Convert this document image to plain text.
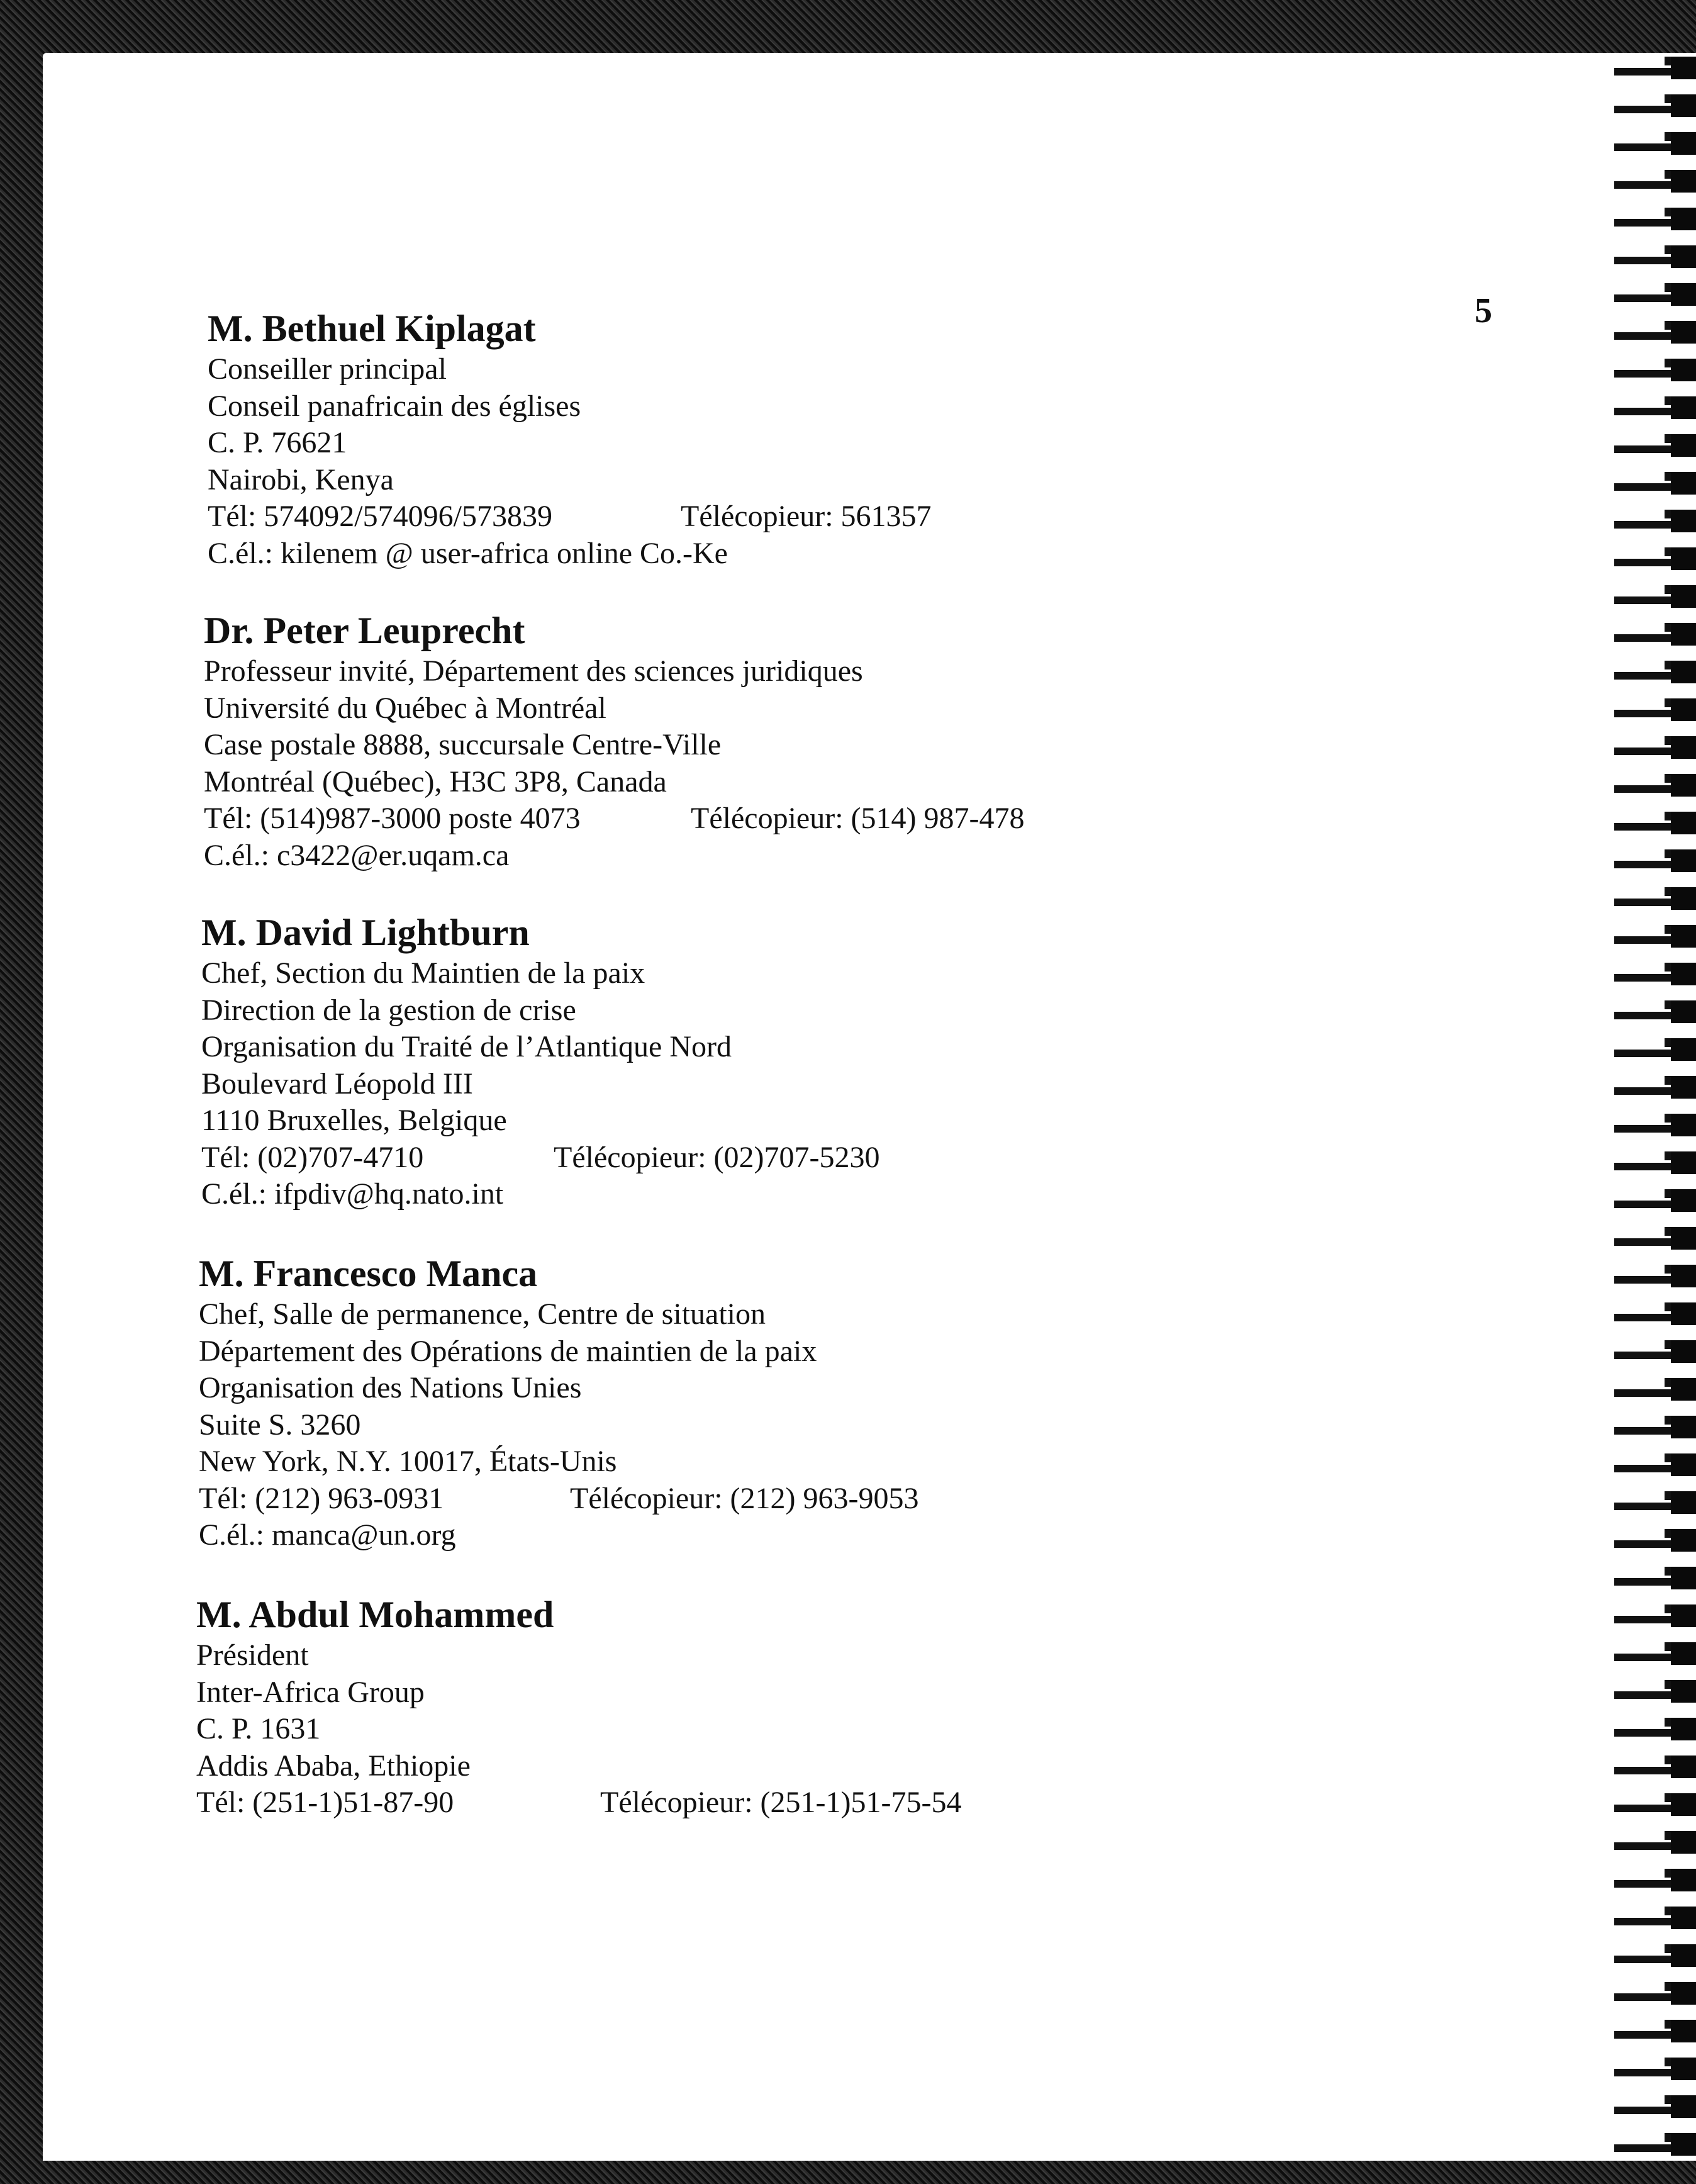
5

M. Bethuel Kiplagat

Conseiller principal

Conseil panafricain des églises

C. P. 76621

Nairobi, Kenya

Tél: 574092/574096/573839	Télécopieur: 561357

C.él.: kilenem @ user-africa online Co.-Ke

Dr. Peter Leuprecht

Professeur invité, Département des sciences juridiques

Université du Québec à Montréal

Case postale 8888, succursale Centre-Ville

Montréal (Québec), H3C 3P8, Canada

Tél: (514)987-3000 poste 4073	Télécopieur: (514) 987-478

C.él.: c3422@er.uqam.ca

M. David Lightburn

Chef, Section du Maintien de la paix

Direction de la gestion de crise

Organisation du Traité de l’Atlantique Nord

Boulevard Léopold III

1110 Bruxelles, Belgique

Tél: (02)707-4710	Télécopieur: (02)707-5230

C.él.: ifpdiv@hq.nato.int

M. Francesco Manca

Chef, Salle de permanence, Centre de situation

Département des Opérations de maintien de la paix

Organisation des Nations Unies

Suite S. 3260

New York, N.Y. 10017, États-Unis

Tél: (212) 963-0931	Télécopieur: (212) 963-9053

C.él.: manca@un.org

M. Abdul Mohammed

Président

Inter-Africa Group

C. P. 1631

Addis Ababa, Ethiopie

Tél: (251-1)51-87-90	Télécopieur: (251-1)51-75-54
